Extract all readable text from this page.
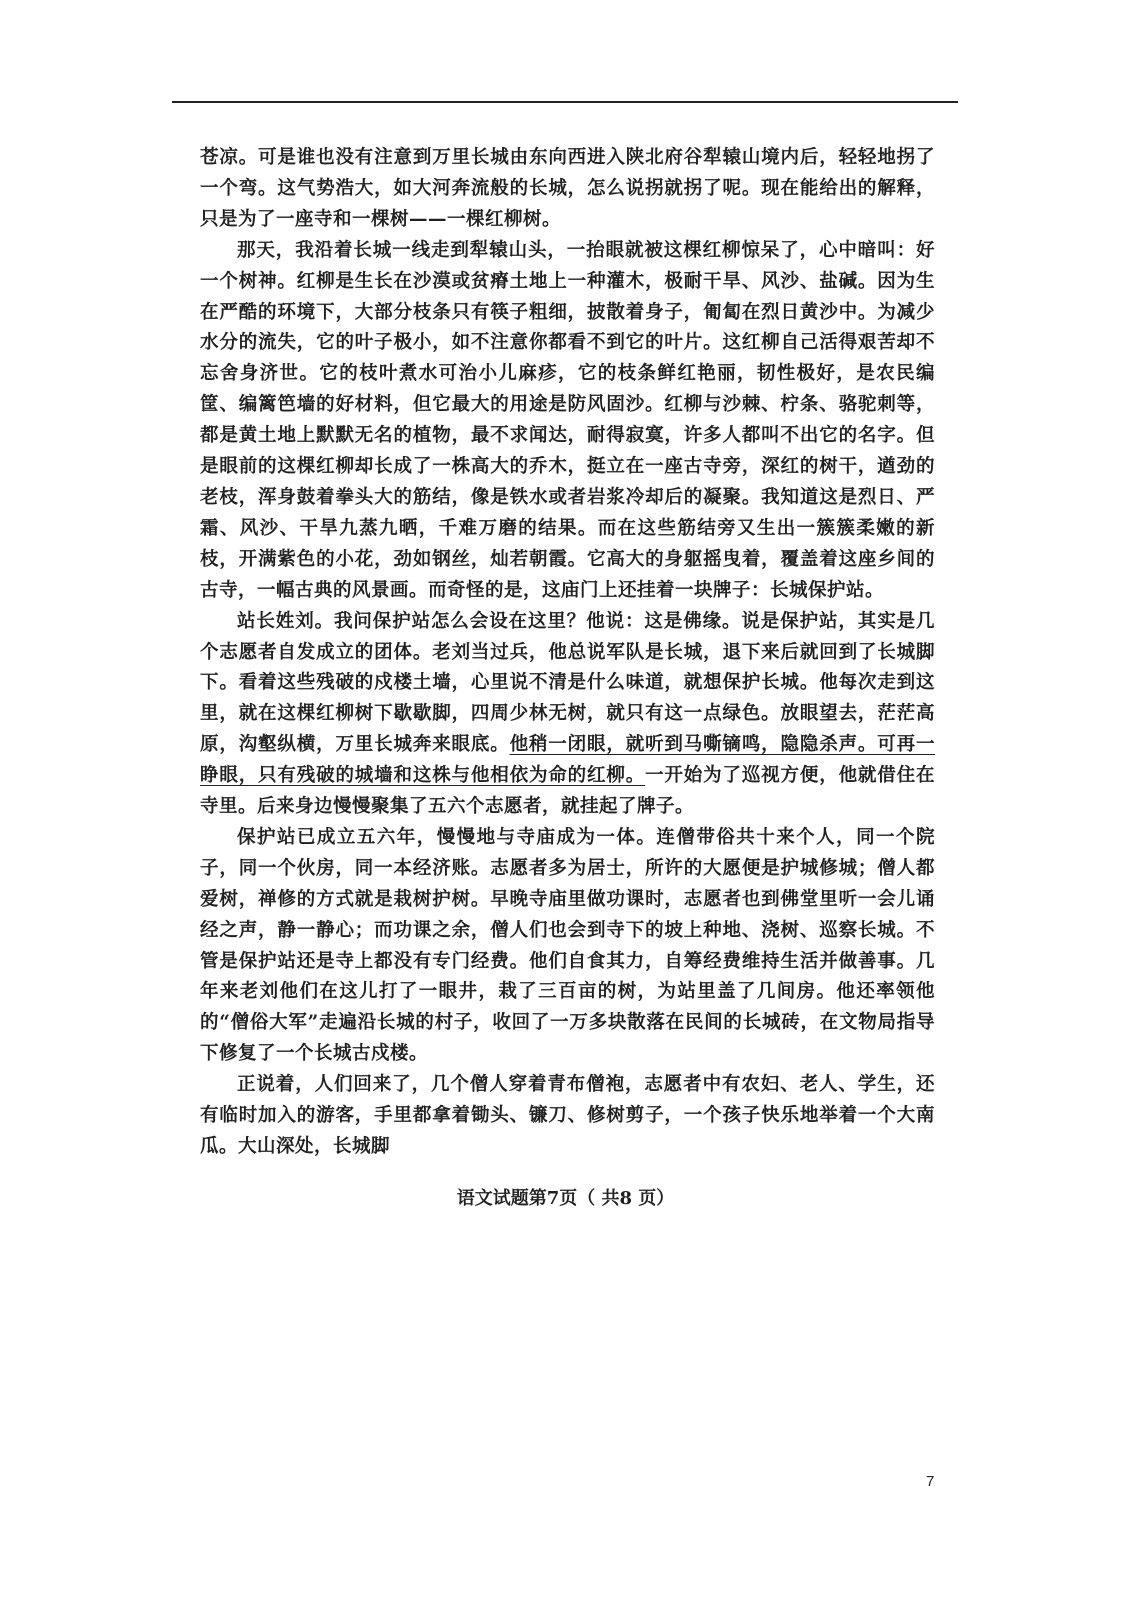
苍凉。可是谁也没有注意到万里长城由东向西进入陕北府谷犁辕山境内后，轻轻地拐了一个弯。这气势浩大，如大河奔流般的长城，怎么说拐就拐了呢。现在能给出的解释，只是为了一座寺和一棵树——一棵红柳树。

那天，我沿着长城一线走到犁辕山头，一抬眼就被这棵红柳惊呆了，心中暗叫：好一个树神。红柳是生长在沙漠或贫瘠土地上一种灌木，极耐干旱、风沙、盐碱。因为生在严酷的环境下，大部分枝条只有筷子粗细，披散着身子，匍匐在烈日黄沙中。为减少水分的流失，它的叶子极小，如不注意你都看不到它的叶片。这红柳自己活得艰苦却不忘舍身济世。它的枝叶煮水可治小儿麻疹，它的枝条鲜红艳丽，韧性极好，是农民编筐、编篱笆墙的好材料，但它最大的用途是防风固沙。红柳与沙棘、柠条、骆驼刺等，都是黄土地上默默无名的植物，最不求闻达，耐得寂寞，许多人都叫不出它的名字。但是眼前的这棵红柳却长成了一株高大的乔木，挺立在一座古寺旁，深红的树干，遒劲的老枝，浑身鼓着拳头大的筋结，像是铁水或者岩浆冷却后的凝聚。我知道这是烈日、严霜、风沙、干旱九蒸九晒，千难万磨的结果。而在这些筋结旁又生出一簇簇柔嫩的新枝，开满紫色的小花，劲如钢丝，灿若朝霞。它高大的身躯摇曳着，覆盖着这座乡间的古寺，一幅古典的风景画。而奇怪的是，这庙门上还挂着一块牌子：长城保护站。

站长姓刘。我问保护站怎么会设在这里？他说：这是佛缘。说是保护站，其实是几个志愿者自发成立的团体。老刘当过兵，他总说军队是长城，退下来后就回到了长城脚下。看着这些残破的戍楼土墙，心里说不清是什么味道，就想保护长城。他每次走到这里，就在这棵红柳树下歇歇脚，四周少林无树，就只有这一点绿色。放眼望去，茫茫高原，沟壑纵横，万里长城奔来眼底。他稍一闭眼，就听到马嘶镝鸣，隐隐杀声。可再一睁眼，只有残破的城墙和这株与他相依为命的红柳。一开始为了巡视方便，他就借住在寺里。后来身边慢慢聚集了五六个志愿者，就挂起了牌子。

保护站已成立五六年，慢慢地与寺庙成为一体。连僧带俗共十来个人，同一个院子，同一个伙房，同一本经济账。志愿者多为居士，所许的大愿便是护城修城；僧人都爱树，禅修的方式就是栽树护树。早晚寺庙里做功课时，志愿者也到佛堂里听一会儿诵经之声，静一静心；而功课之余，僧人们也会到寺下的坡上种地、浇树、巡察长城。不管是保护站还是寺上都没有专门经费。他们自食其力，自筹经费维持生活并做善事。几年来老刘他们在这儿打了一眼井，栽了三百亩的树，为站里盖了几间房。他还率领他的“僧俗大军”走遍沿长城的村子，收回了一万多块散落在民间的长城砖，在文物局指导下修复了一个长城古戍楼。

正说着，人们回来了，几个僧人穿着青布僧袍，志愿者中有农妇、老人、学生，还有临时加入的游客，手里都拿着锄头、镰刀、修树剪子，一个孩子快乐地举着一个大南瓜。大山深处，长城脚

语文试题第7页（ 共8 页）
7
